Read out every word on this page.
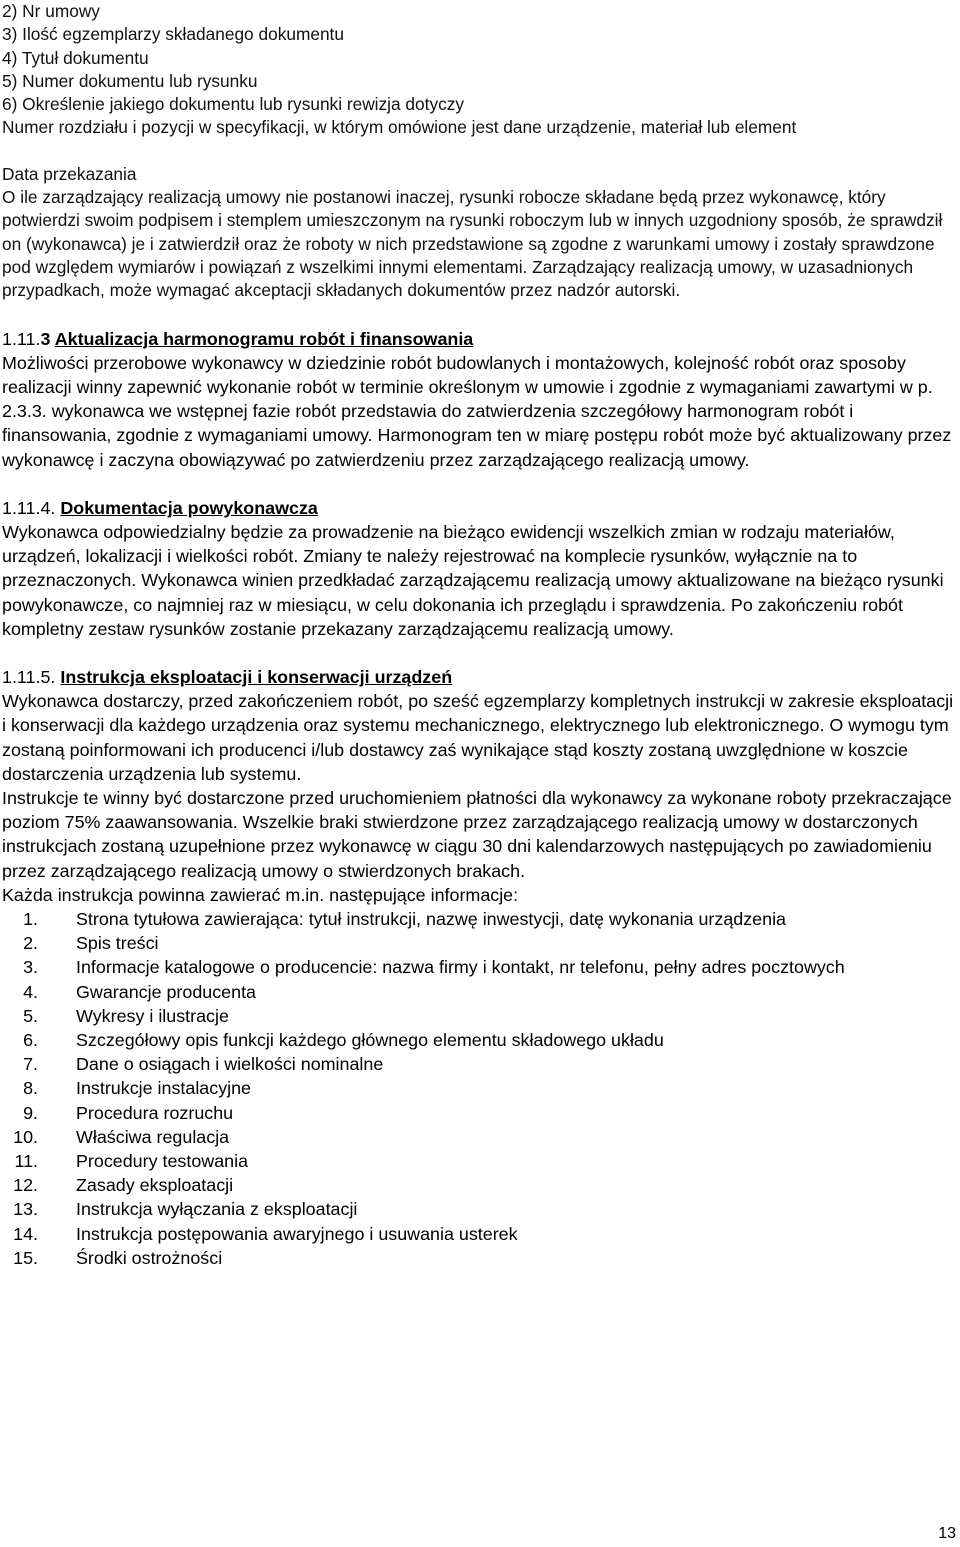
2) Nr umowy

3) Ilość egzemplarzy składanego dokumentu

4) Tytuł dokumentu

5) Numer dokumentu lub rysunku

6) Określenie jakiego dokumentu lub rysunki rewizja dotyczy

Numer rozdziału i pozycji w specyfikacji, w którym omówione jest dane urządzenie, materiał lub element

Data przekazania

O ile zarządzający realizacją umowy nie postanowi inaczej, rysunki robocze składane będą przez wykonawcę, który potwierdzi swoim podpisem i stemplem umieszczonym na rysunki roboczym lub w innych uzgodniony sposób, że sprawdził on (wykonawca) je i zatwierdził oraz że roboty w nich przedstawione są zgodne z warunkami umowy i zostały sprawdzone pod względem wymiarów i powiązań z wszelkimi innymi elementami. Zarządzający realizacją umowy, w uzasadnionych przypadkach, może wymagać akceptacji składanych dokumentów przez nadzór autorski.

1.11.3 Aktualizacja harmonogramu robót i finansowania

Możliwości przerobowe wykonawcy w dziedzinie robót budowlanych i montażowych, kolejność robót oraz sposoby realizacji winny zapewnić wykonanie robót w terminie określonym w umowie i zgodnie z wymaganiami zawartymi w p. 2.3.3. wykonawca we wstępnej fazie robót przedstawia do zatwierdzenia szczegółowy harmonogram robót i finansowania, zgodnie z wymaganiami umowy. Harmonogram ten w miarę postępu robót może być aktualizowany przez wykonawcę i zaczyna obowiązywać po zatwierdzeniu przez zarządzającego realizacją umowy.

1.11.4. Dokumentacja powykonawcza

Wykonawca odpowiedzialny będzie za prowadzenie na bieżąco ewidencji wszelkich zmian w rodzaju materiałów, urządzeń, lokalizacji i wielkości robót. Zmiany te należy rejestrować na komplecie rysunków, wyłącznie na to przeznaczonych. Wykonawca winien przedkładać zarządzającemu realizacją umowy aktualizowane na bieżąco rysunki powykonawcze, co najmniej raz w miesiącu, w celu dokonania ich przeglądu i sprawdzenia. Po zakończeniu robót kompletny zestaw rysunków zostanie przekazany zarządzającemu realizacją umowy.

1.11.5. Instrukcja eksploatacji i konserwacji urządzeń

Wykonawca dostarczy, przed zakończeniem robót, po sześć egzemplarzy kompletnych instrukcji w zakresie eksploatacji i konserwacji dla każdego urządzenia oraz systemu mechanicznego, elektrycznego lub elektronicznego. O wymogu tym zostaną poinformowani ich producenci i/lub dostawcy zaś wynikające stąd koszty zostaną uwzględnione w koszcie dostarczenia urządzenia lub systemu.

Instrukcje te winny być dostarczone przed uruchomieniem płatności dla wykonawcy za wykonane roboty przekraczające poziom 75% zaawansowania. Wszelkie braki stwierdzone przez zarządzającego realizacją umowy w dostarczonych instrukcjach zostaną uzupełnione przez wykonawcę w ciągu 30 dni kalendarzowych następujących po zawiadomieniu przez zarządzającego realizacją umowy o stwierdzonych brakach.

Każda instrukcja powinna zawierać m.in. następujące informacje:

1. Strona tytułowa zawierająca: tytuł instrukcji, nazwę inwestycji, datę wykonania urządzenia
2. Spis treści
3. Informacje katalogowe o producencie: nazwa firmy i kontakt, nr telefonu, pełny adres pocztowych
4. Gwarancje producenta
5. Wykresy i ilustracje
6. Szczegółowy opis funkcji każdego głównego elementu składowego układu
7. Dane o osiągach i wielkości nominalne
8. Instrukcje instalacyjne
9. Procedura rozruchu
10. Właściwa regulacja
11. Procedury testowania
12. Zasady eksploatacji
13. Instrukcja wyłączania z eksploatacji
14. Instrukcja postępowania awaryjnego i usuwania usterek
15. Środki ostrożności
13
